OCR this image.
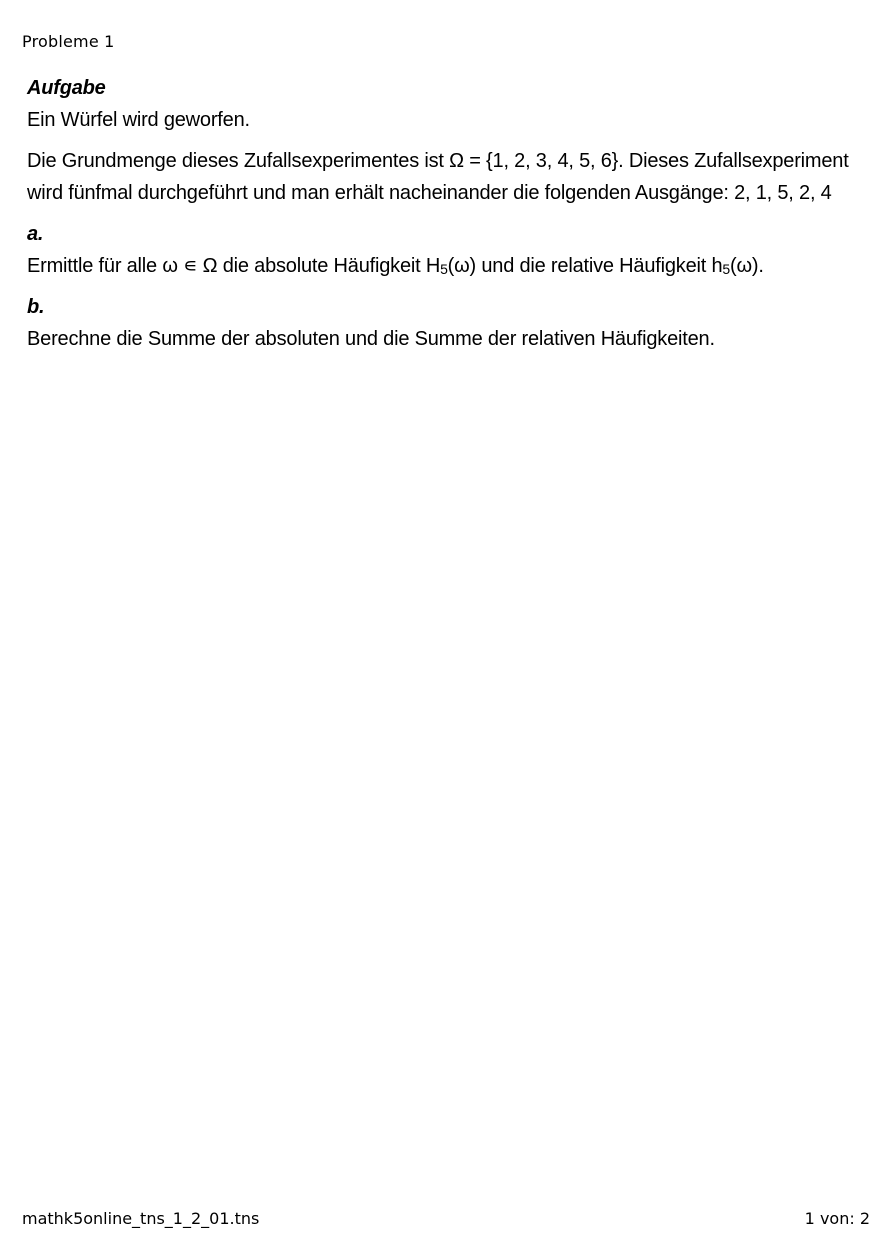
Probleme 1
Aufgabe

Ein Würfel wird geworfen.

Die Grundmenge dieses Zufallsexperimentes ist Ω = {1, 2, 3, 4, 5, 6}. Dieses Zufallsexperiment wird fünfmal durchgeführt und man erhält nacheinander die folgenden Ausgänge: 2, 1, 5, 2, 4

a.

Ermittle für alle ω ∊ Ω die absolute Häufigkeit $H_5(\omega)$ und die relative Häufigkeit $h_5(\omega)$.

b.

Berechne die Summe der absoluten und die Summe der relativen Häufigkeiten.

mathk5online_tns_1_2_01.tns	1 von: 2
